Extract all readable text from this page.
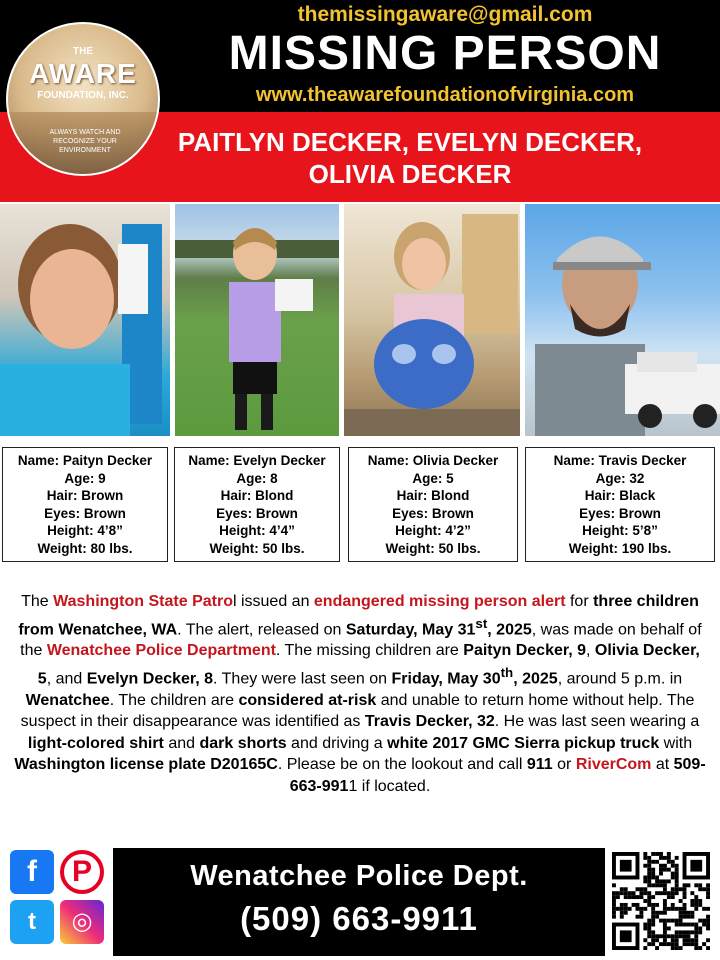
themissingaware@gmail.com
MISSING PERSON
www.theawarefoundationofvirginia.com
PAITLYN DECKER, EVELYN DECKER,
OLIVIA DECKER
THE
AWARE
FOUNDATION, INC.
ALWAYS WATCH AND RECOGNIZE YOUR ENVIRONMENT
Name: Paityn Decker
Age: 9
Hair: Brown
Eyes: Brown
Height: 4’8”
Weight: 80 lbs.
Name: Evelyn Decker
Age: 8
Hair: Blond
Eyes: Brown
Height: 4’4”
Weight: 50 lbs.
Name: Olivia Decker
Age: 5
Hair: Blond
Eyes: Brown
Height: 4’2”
Weight: 50 lbs.
Name: Travis Decker
Age: 32
Hair: Black
Eyes: Brown
Height: 5’8”
Weight: 190 lbs.
The Washington State Patrol issued an endangered missing person alert for three children from Wenatchee, WA. The alert, released on Saturday, May 31st, 2025, was made on behalf of the Wenatchee Police Department. The missing children are Paityn Decker, 9, Olivia Decker, 5, and Evelyn Decker, 8. They were last seen on Friday, May 30th, 2025, around 5 p.m. in Wenatchee. The children are considered at-risk and unable to return home without help. The suspect in their disappearance was identified as Travis Decker, 32. He was last seen wearing a light-colored shirt and dark shorts and driving a white 2017 GMC Sierra pickup truck with Washington license plate D20165C. Please be on the lookout and call 911 or RiverCom at 509-663-9911 if located.
f	P
t	◎
Wenatchee Police Dept.
(509) 663-9911
